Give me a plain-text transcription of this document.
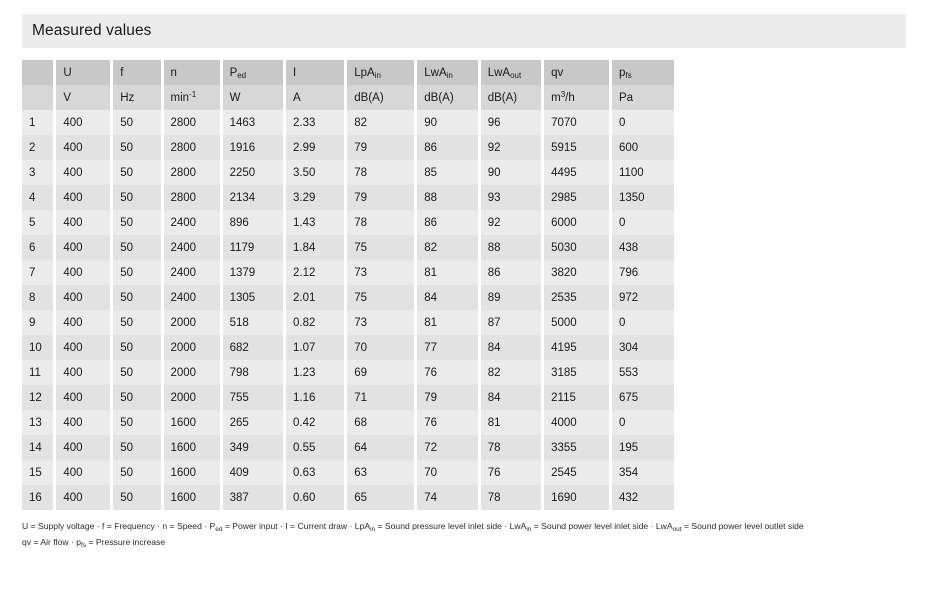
Measured values
	U	f	n	$P_{ed}$	I	LpA$_{in}$	LwA$_{in}$	LwA$_{out}$	qv	$p_{fs}$
	V	Hz	$\min^{-1}$	W	A	dB(A)	dB(A)	dB(A)	$m^3/h$	Pa
1	400	50	2800	1463	2.33	82	90	96	7070	0
2	400	50	2800	1916	2.99	79	86	92	5915	600
3	400	50	2800	2250	3.50	78	85	90	4495	1100
4	400	50	2800	2134	3.29	79	88	93	2985	1350
5	400	50	2400	896	1.43	78	86	92	6000	0
6	400	50	2400	1179	1.84	75	82	88	5030	438
7	400	50	2400	1379	2.12	73	81	86	3820	796
8	400	50	2400	1305	2.01	75	84	89	2535	972
9	400	50	2000	518	0.82	73	81	87	5000	0
10	400	50	2000	682	1.07	70	77	84	4195	304
11	400	50	2000	798	1.23	69	76	82	3185	553
12	400	50	2000	755	1.16	71	79	84	2115	675
13	400	50	1600	265	0.42	68	76	81	4000	0
14	400	50	1600	349	0.55	64	72	78	3355	195
15	400	50	1600	409	0.63	63	70	76	2545	354
16	400	50	1600	387	0.60	65	74	78	1690	432

U = Supply voltage · f = Frequency · n = Speed · $P_{ed}$ = Power input · I = Current draw · LpA$_{in}$ = Sound pressure level inlet side · LwA$_{in}$ = Sound power level inlet side · LwA$_{out}$ = Sound power level outlet side

qv = Air flow · $p_{fs}$ = Pressure increase
